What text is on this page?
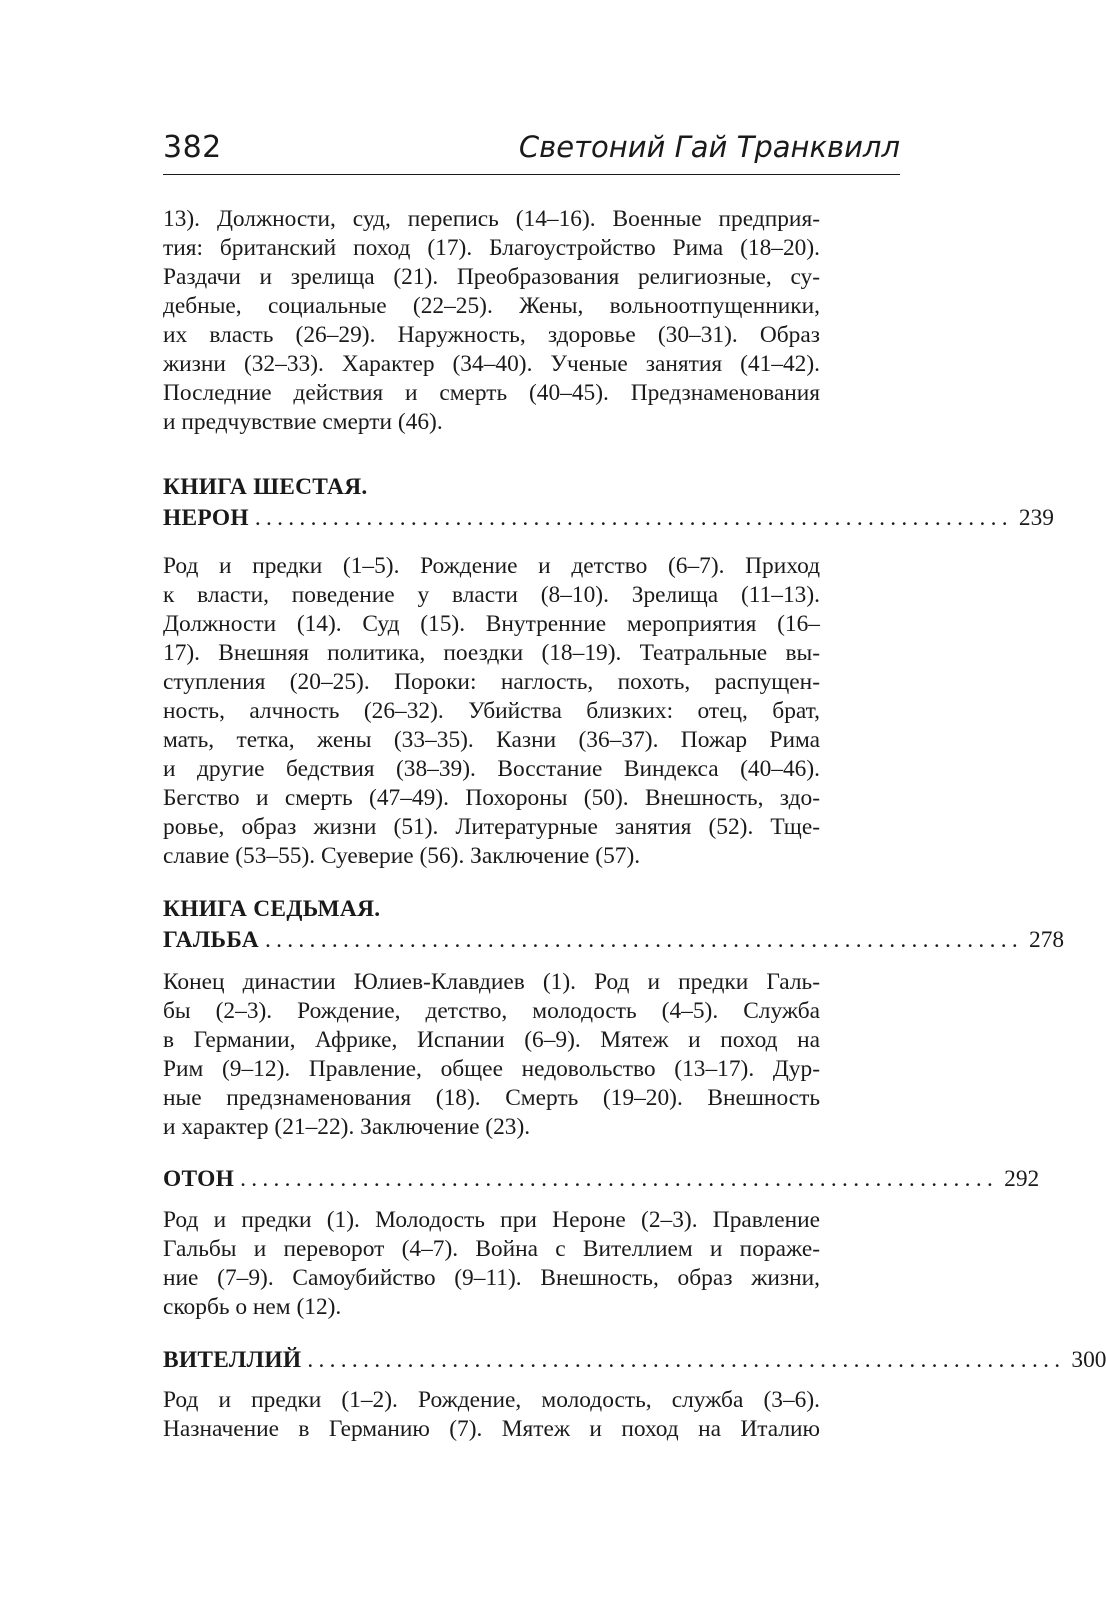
382	Светоний Гай Транквилл

13). Должности, суд, перепись (14–16). Военные предприя-

тия: британский поход (17). Благоустройство Рима (18–20).

Раздачи и зрелища (21). Преобразования религиозные, су-

дебные, социальные (22–25). Жены, вольноотпущенники,

их власть (26–29). Наружность, здоровье (30–31). Образ

жизни (32–33). Характер (34–40). Ученые занятия (41–42).

Последние действия и смерть (40–45). Предзнаменования

и предчувствие смерти (46).

КНИГА ШЕСТАЯ.

НЕРОН .................................................................... 239

Род и предки (1–5). Рождение и детство (6–7). Приход

к власти, поведение у власти (8–10). Зрелища (11–13).

Должности (14). Суд (15). Внутренние мероприятия (16–

17). Внешняя политика, поездки (18–19). Театральные вы-

ступления (20–25). Пороки: наглость, похоть, распущен-

ность, алчность (26–32). Убийства близких: отец, брат,

мать, тетка, жены (33–35). Казни (36–37). Пожар Рима

и другие бедствия (38–39). Восстание Виндекса (40–46).

Бегство и смерть (47–49). Похороны (50). Внешность, здо-

ровье, образ жизни (51). Литературные занятия (52). Тще-

славие (53–55). Суеверие (56). Заключение (57).

КНИГА СЕДЬМАЯ.

ГАЛЬБА .................................................................... 278

Конец династии Юлиев-Клавдиев (1). Род и предки Галь-

бы (2–3). Рождение, детство, молодость (4–5). Служба

в Германии, Африке, Испании (6–9). Мятеж и поход на

Рим (9–12). Правление, общее недовольство (13–17). Дур-

ные предзнаменования (18). Смерть (19–20). Внешность

и характер (21–22). Заключение (23).

ОТОН .................................................................... 292

Род и предки (1). Молодость при Нероне (2–3). Правление

Гальбы и переворот (4–7). Война с Вителлием и пораже-

ние (7–9). Самоубийство (9–11). Внешность, образ жизни,

скорбь о нем (12).

ВИТЕЛЛИЙ .................................................................... 300

Род и предки (1–2). Рождение, молодость, служба (3–6).

Назначение в Германию (7). Мятеж и поход на Италию
